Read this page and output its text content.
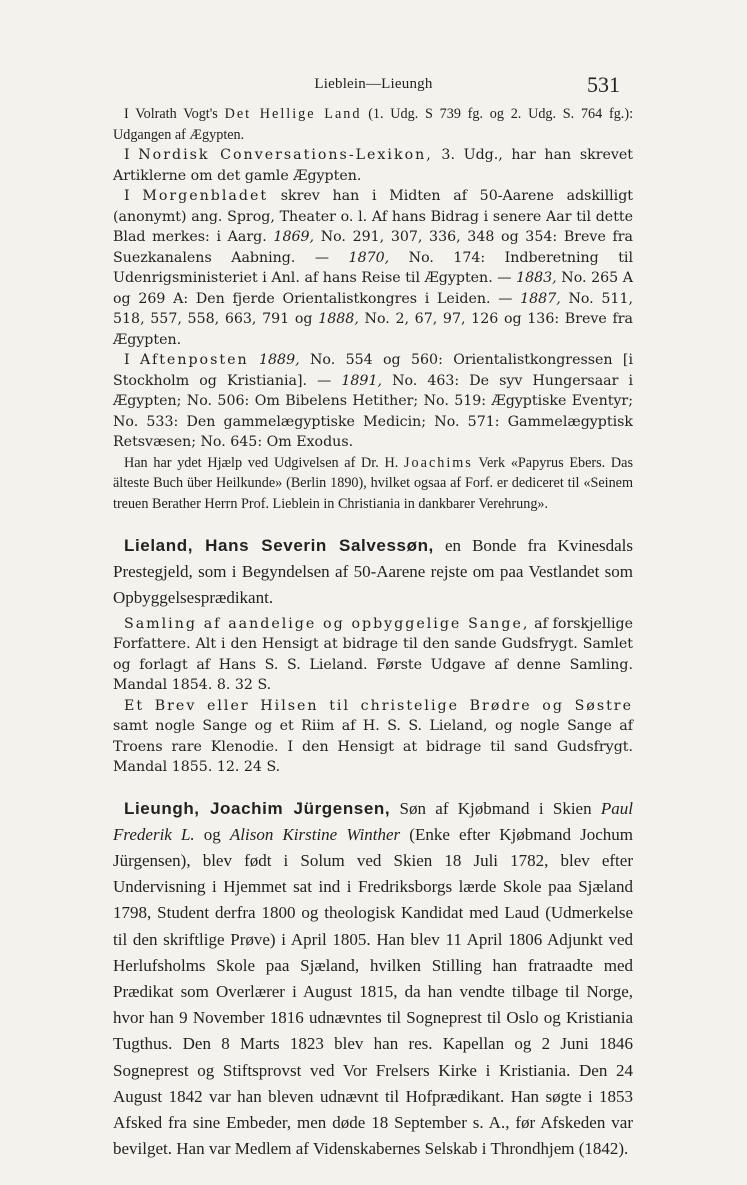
Lieblein—Lieungh	531

I Volrath Vogt's Det Hellige Land (1. Udg. S 739 fg. og 2. Udg. S. 764 fg.): Udgangen af Ægypten.

I Nordisk Conversations-Lexikon, 3. Udg., har han skrevet Artiklerne om det gamle Ægypten.

I Morgenbladet skrev han i Midten af 50-Aarene adskilligt (anonymt) ang. Sprog, Theater o. l. Af hans Bidrag i senere Aar til dette Blad merkes: i Aarg. 1869, No. 291, 307, 336, 348 og 354: Breve fra Suezkanalens Aabning. — 1870, No. 174: Indberetning til Udenrigsministeriet i Anl. af hans Reise til Ægypten. — 1883, No. 265 A og 269 A: Den fjerde Orientalistkongres i Leiden. — 1887, No. 511, 518, 557, 558, 663, 791 og 1888, No. 2, 67, 97, 126 og 136: Breve fra Ægypten.

I Aftenposten 1889, No. 554 og 560: Orientalistkongressen [i Stockholm og Kristiania]. — 1891, No. 463: De syv Hungersaar i Ægypten; No. 506: Om Bibelens Hetither; No. 519: Ægyptiske Eventyr; No. 533: Den gammelægyptiske Medicin; No. 571: Gammelægyptisk Retsvæsen; No. 645: Om Exodus.

Han har ydet Hjælp ved Udgivelsen af Dr. H. Joachims Verk «Papyrus Ebers. Das älteste Buch über Heilkunde» (Berlin 1890), hvilket ogsaa af Forf. er dediceret til «Seinem treuen Berather Herrn Prof. Lieblein in Christiania in dankbarer Verehrung».

Lieland, Hans Severin Salvessøn, en Bonde fra Kvinesdals Prestegjeld, som i Begyndelsen af 50-Aarene rejste om paa Vestlandet som Opbyggelsesprædikant.

Samling af aandelige og opbyggelige Sange, af forskjellige Forfattere. Alt i den Hensigt at bidrage til den sande Gudsfrygt. Samlet og forlagt af Hans S. S. Lieland. Første Udgave af denne Samling. Mandal 1854. 8. 32 S.

Et Brev eller Hilsen til christelige Brødre og Søstre samt nogle Sange og et Riim af H. S. S. Lieland, og nogle Sange af Troens rare Klenodie. I den Hensigt at bidrage til sand Gudsfrygt. Mandal 1855. 12. 24 S.

Lieungh, Joachim Jürgensen, Søn af Kjøbmand i Skien Paul Frederik L. og Alison Kirstine Winther (Enke efter Kjøbmand Jochum Jürgensen), blev født i Solum ved Skien 18 Juli 1782, blev efter Undervisning i Hjemmet sat ind i Fredriksborgs lærde Skole paa Sjæland 1798, Student derfra 1800 og theologisk Kandidat med Laud (Udmerkelse til den skriftlige Prøve) i April 1805. Han blev 11 April 1806 Adjunkt ved Herlufsholms Skole paa Sjæland, hvilken Stilling han fratraadte med Prædikat som Overlærer i August 1815, da han vendte tilbage til Norge, hvor han 9 November 1816 udnævntes til Sogneprest til Oslo og Kristiania Tugthus. Den 8 Marts 1823 blev han res. Kapellan og 2 Juni 1846 Sogneprest og Stiftsprovst ved Vor Frelsers Kirke i Kristiania. Den 24 August 1842 var han bleven udnævnt til Hofprædikant. Han søgte i 1853 Afsked fra sine Embeder, men døde 18 September s. A., før Afskeden var bevilget. Han var Medlem af Videnskabernes Selskab i Throndhjem (1842).
